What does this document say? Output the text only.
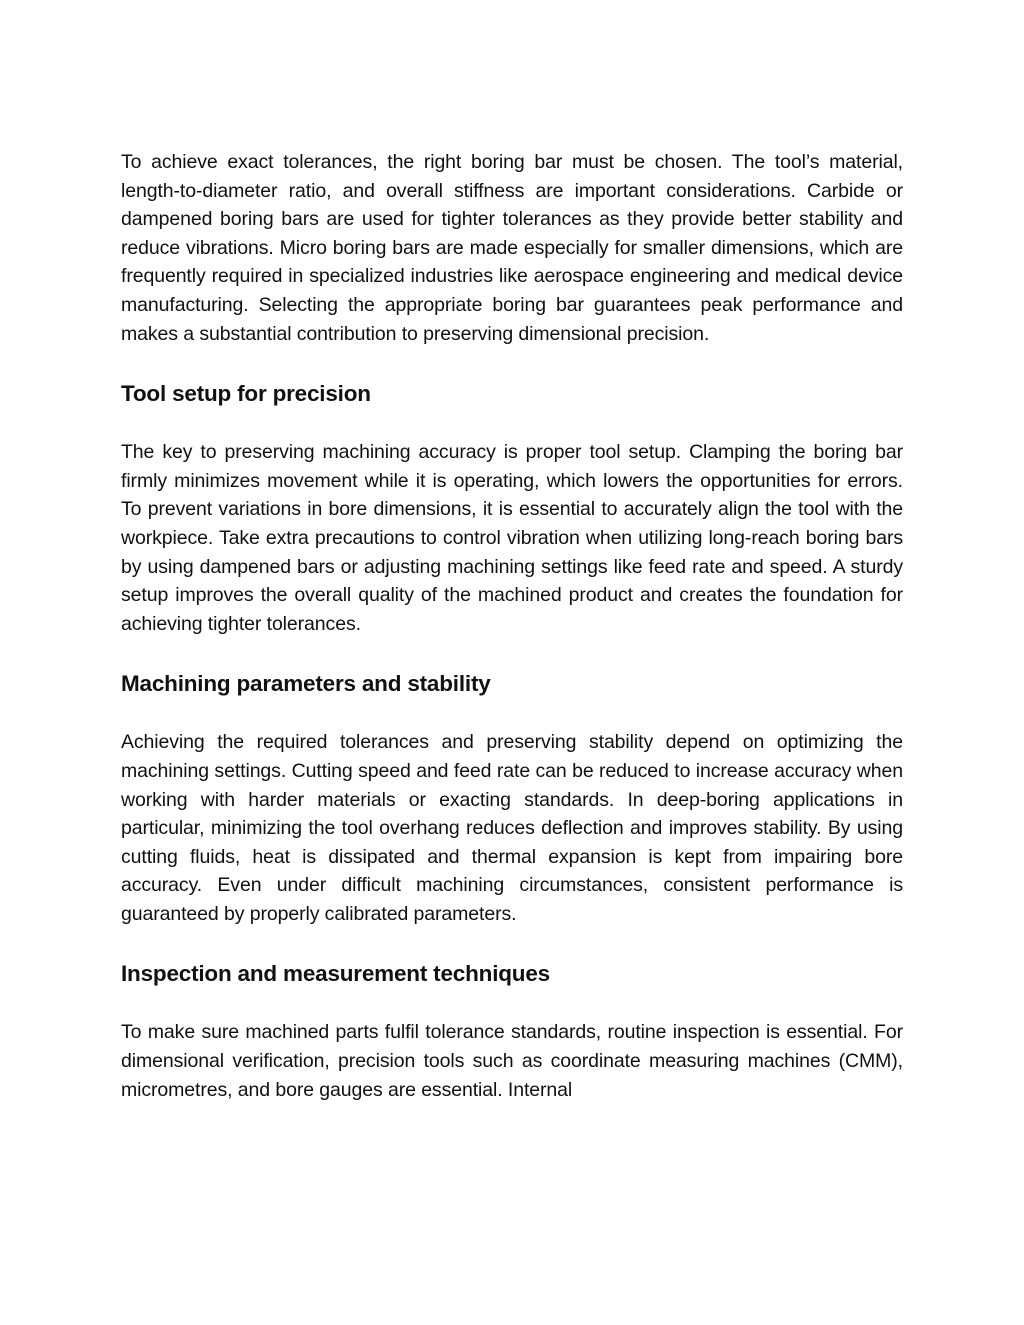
To achieve exact tolerances, the right boring bar must be chosen. The tool’s material, length-to-diameter ratio, and overall stiffness are important considerations. Carbide or dampened boring bars are used for tighter tolerances as they provide better stability and reduce vibrations. Micro boring bars are made especially for smaller dimensions, which are frequently required in specialized industries like aerospace engineering and medical device manufacturing. Selecting the appropriate boring bar guarantees peak performance and makes a substantial contribution to preserving dimensional precision.

Tool setup for precision

The key to preserving machining accuracy is proper tool setup. Clamping the boring bar firmly minimizes movement while it is operating, which lowers the opportunities for errors. To prevent variations in bore dimensions, it is essential to accurately align the tool with the workpiece. Take extra precautions to control vibration when utilizing long-reach boring bars by using dampened bars or adjusting machining settings like feed rate and speed. A sturdy setup improves the overall quality of the machined product and creates the foundation for achieving tighter tolerances.

Machining parameters and stability

Achieving the required tolerances and preserving stability depend on optimizing the machining settings. Cutting speed and feed rate can be reduced to increase accuracy when working with harder materials or exacting standards. In deep-boring applications in particular, minimizing the tool overhang reduces deflection and improves stability. By using cutting fluids, heat is dissipated and thermal expansion is kept from impairing bore accuracy. Even under difficult machining circumstances, consistent performance is guaranteed by properly calibrated parameters.

Inspection and measurement techniques

To make sure machined parts fulfil tolerance standards, routine inspection is essential. For dimensional verification, precision tools such as coordinate measuring machines (CMM), micrometres, and bore gauges are essential. Internal
